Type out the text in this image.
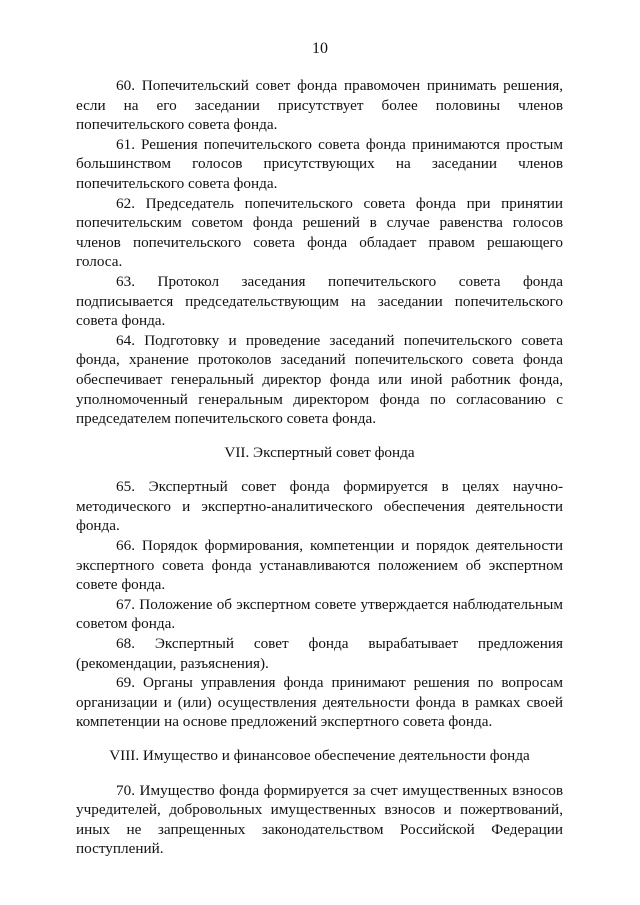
10

60. Попечительский совет фонда правомочен принимать решения, если на его заседании присутствует более половины членов попечительского совета фонда.

61. Решения попечительского совета фонда принимаются простым большинством голосов присутствующих на заседании членов попечительского совета фонда.

62. Председатель попечительского совета фонда при принятии попечительским советом фонда решений в случае равенства голосов членов попечительского совета фонда обладает правом решающего голоса.

63. Протокол заседания попечительского совета фонда подписывается председательствующим на заседании попечительского совета фонда.

64. Подготовку и проведение заседаний попечительского совета фонда, хранение протоколов заседаний попечительского совета фонда обеспечивает генеральный директор фонда или иной работник фонда, уполномоченный генеральным директором фонда по согласованию с председателем попечительского совета фонда.

VII. Экспертный совет фонда

65. Экспертный совет фонда формируется в целях научно-методического и экспертно-аналитического обеспечения деятельности фонда.

66. Порядок формирования, компетенции и порядок деятельности экспертного совета фонда устанавливаются положением об экспертном совете фонда.

67. Положение об экспертном совете утверждается наблюдательным советом фонда.

68. Экспертный совет фонда вырабатывает предложения (рекомендации, разъяснения).

69. Органы управления фонда принимают решения по вопросам организации и (или) осуществления деятельности фонда в рамках своей компетенции на основе предложений экспертного совета фонда.

VIII. Имущество и финансовое обеспечение деятельности фонда

70. Имущество фонда формируется за счет имущественных взносов учредителей, добровольных имущественных взносов и пожертвований, иных не запрещенных законодательством Российской Федерации поступлений.
